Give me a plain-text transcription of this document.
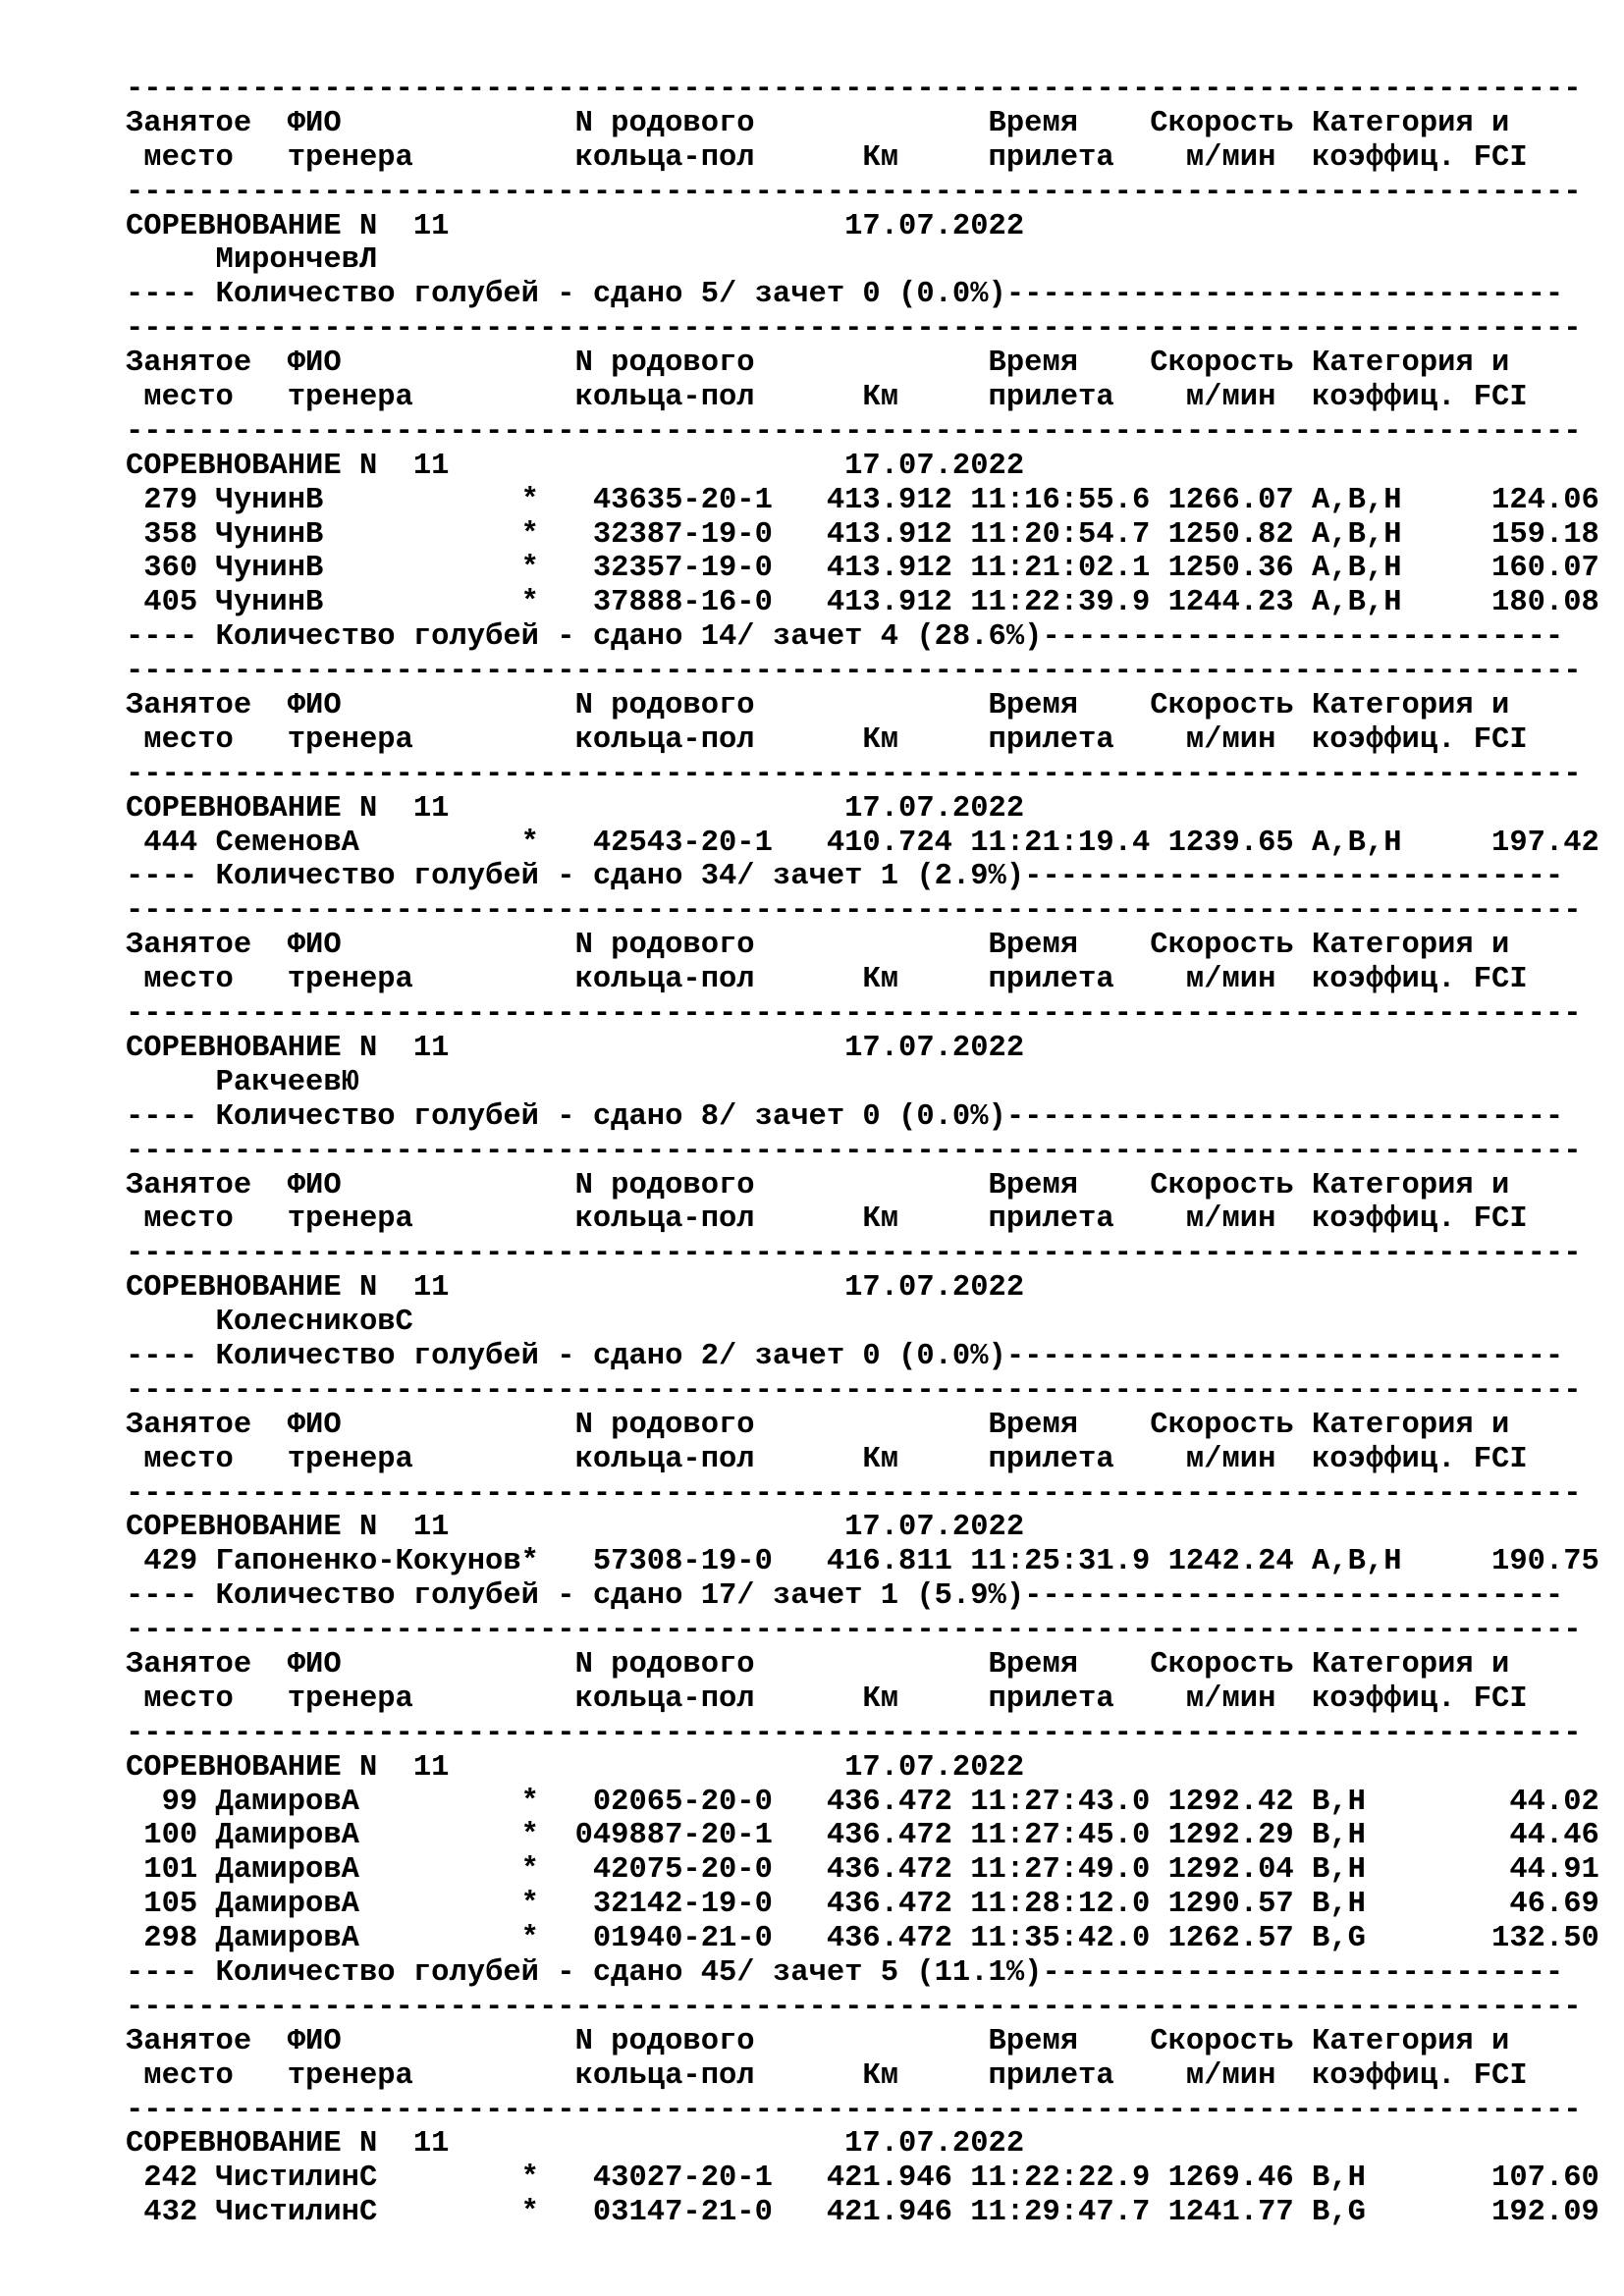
---------------------------------------------------------------------------------
Занятое  ФИО             N родового             Время    Скорость Категория и
место   тренера         кольца-пол      Км     прилета    м/мин  коэффиц. FCI
---------------------------------------------------------------------------------
СОРЕВНОВАНИЕ N  11                      17.07.2022
МирончевЛ
---- Количество голубей - сдано 5/ зачет 0 (0.0%)-------------------------------
---------------------------------------------------------------------------------
Занятое  ФИО             N родового             Время    Скорость Категория и
место   тренера         кольца-пол      Км     прилета    м/мин  коэффиц. FCI
---------------------------------------------------------------------------------
СОРЕВНОВАНИЕ N  11                      17.07.2022
279 ЧунинВ           *   43635-20-1   413.912 11:16:55.6 1266.07 A,B,H     124.06
358 ЧунинВ           *   32387-19-0   413.912 11:20:54.7 1250.82 A,B,H     159.18
360 ЧунинВ           *   32357-19-0   413.912 11:21:02.1 1250.36 A,B,H     160.07
405 ЧунинВ           *   37888-16-0   413.912 11:22:39.9 1244.23 A,B,H     180.08
---- Количество голубей - сдано 14/ зачет 4 (28.6%)-----------------------------
---------------------------------------------------------------------------------
Занятое  ФИО             N родового             Время    Скорость Категория и
место   тренера         кольца-пол      Км     прилета    м/мин  коэффиц. FCI
---------------------------------------------------------------------------------
СОРЕВНОВАНИЕ N  11                      17.07.2022
444 СеменовА         *   42543-20-1   410.724 11:21:19.4 1239.65 A,B,H     197.42
---- Количество голубей - сдано 34/ зачет 1 (2.9%)------------------------------
---------------------------------------------------------------------------------
Занятое  ФИО             N родового             Время    Скорость Категория и
место   тренера         кольца-пол      Км     прилета    м/мин  коэффиц. FCI
---------------------------------------------------------------------------------
СОРЕВНОВАНИЕ N  11                      17.07.2022
РакчеевЮ
---- Количество голубей - сдано 8/ зачет 0 (0.0%)-------------------------------
---------------------------------------------------------------------------------
Занятое  ФИО             N родового             Время    Скорость Категория и
место   тренера         кольца-пол      Км     прилета    м/мин  коэффиц. FCI
---------------------------------------------------------------------------------
СОРЕВНОВАНИЕ N  11                      17.07.2022
КолесниковС
---- Количество голубей - сдано 2/ зачет 0 (0.0%)-------------------------------
---------------------------------------------------------------------------------
Занятое  ФИО             N родового             Время    Скорость Категория и
место   тренера         кольца-пол      Км     прилета    м/мин  коэффиц. FCI
---------------------------------------------------------------------------------
СОРЕВНОВАНИЕ N  11                      17.07.2022
429 Гапоненко-Кокунов*   57308-19-0   416.811 11:25:31.9 1242.24 A,B,H     190.75
---- Количество голубей - сдано 17/ зачет 1 (5.9%)------------------------------
---------------------------------------------------------------------------------
Занятое  ФИО             N родового             Время    Скорость Категория и
место   тренера         кольца-пол      Км     прилета    м/мин  коэффиц. FCI
---------------------------------------------------------------------------------
СОРЕВНОВАНИЕ N  11                      17.07.2022
99 ДамировА         *   02065-20-0   436.472 11:27:43.0 1292.42 B,H        44.02
100 ДамировА         *  049887-20-1   436.472 11:27:45.0 1292.29 B,H        44.46
101 ДамировА         *   42075-20-0   436.472 11:27:49.0 1292.04 B,H        44.91
105 ДамировА         *   32142-19-0   436.472 11:28:12.0 1290.57 B,H        46.69
298 ДамировА         *   01940-21-0   436.472 11:35:42.0 1262.57 B,G       132.50
---- Количество голубей - сдано 45/ зачет 5 (11.1%)-----------------------------
---------------------------------------------------------------------------------
Занятое  ФИО             N родового             Время    Скорость Категория и
место   тренера         кольца-пол      Км     прилета    м/мин  коэффиц. FCI
---------------------------------------------------------------------------------
СОРЕВНОВАНИЕ N  11                      17.07.2022
242 ЧистилинС        *   43027-20-1   421.946 11:22:22.9 1269.46 B,H       107.60
432 ЧистилинС        *   03147-21-0   421.946 11:29:47.7 1241.77 B,G       192.09
